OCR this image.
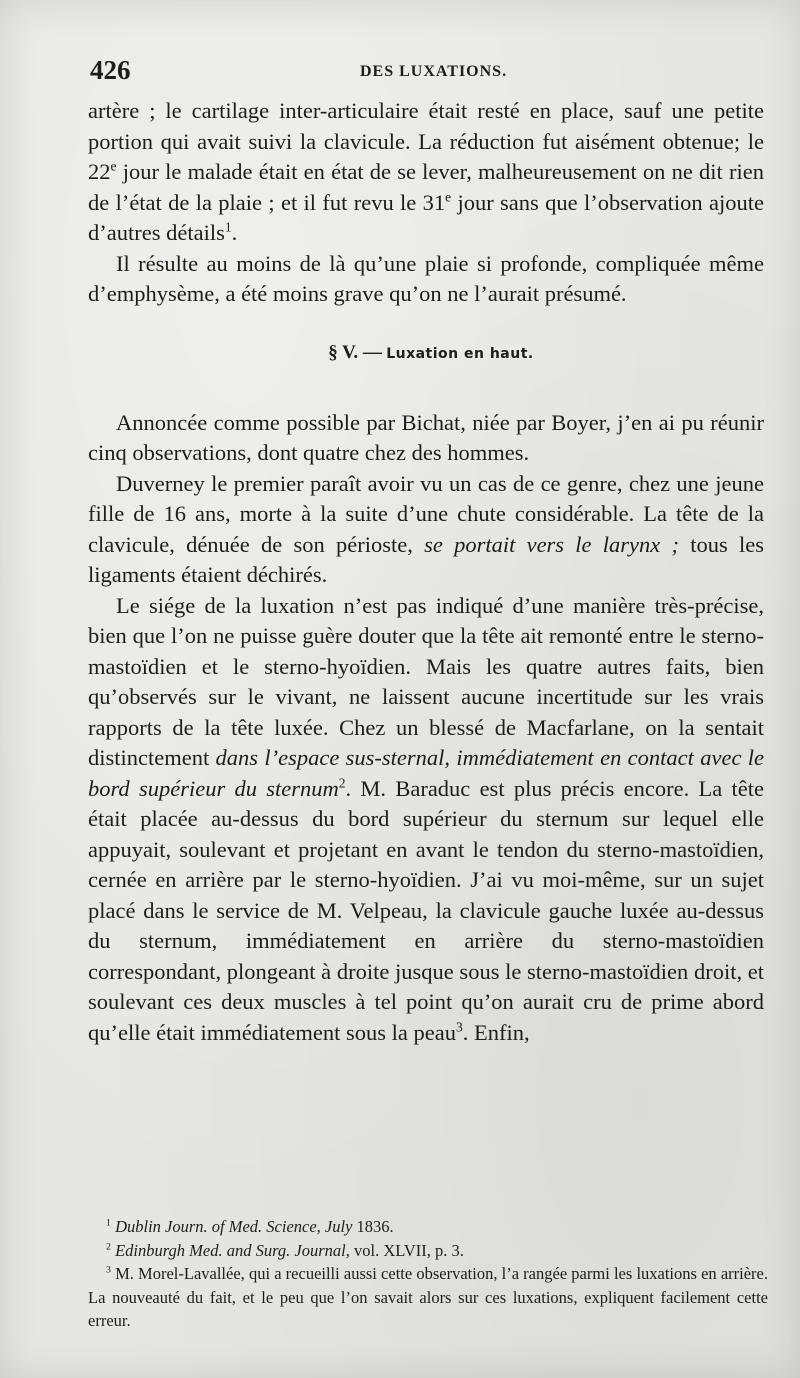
426	DES LUXATIONS.

artère ; le cartilage inter-articulaire était resté en place, sauf une petite portion qui avait suivi la clavicule. La réduction fut aisément obtenue; le 22e jour le malade était en état de se lever, malheureusement on ne dit rien de l’état de la plaie ; et il fut revu le 31e jour sans que l’observation ajoute d’autres détails$^1$.

Il résulte au moins de là qu’une plaie si profonde, compliquée même d’emphysème, a été moins grave qu’on ne l’aurait présumé.

§ V. — Luxation en haut.

Annoncée comme possible par Bichat, niée par Boyer, j’en ai pu réunir cinq observations, dont quatre chez des hommes.

Duverney le premier paraît avoir vu un cas de ce genre, chez une jeune fille de 16 ans, morte à la suite d’une chute considérable. La tête de la clavicule, dénuée de son périoste, se portait vers le larynx ; tous les ligaments étaient déchirés.

Le siége de la luxation n’est pas indiqué d’une manière très-précise, bien que l’on ne puisse guère douter que la tête ait remonté entre le sterno-mastoïdien et le sterno-hyoïdien. Mais les quatre autres faits, bien qu’observés sur le vivant, ne laissent aucune incertitude sur les vrais rapports de la tête luxée. Chez un blessé de Macfarlane, on la sentait distinctement dans l’espace sus-sternal, immédiatement en contact avec le bord supérieur du sternum$^2$. M. Baraduc est plus précis encore. La tête était placée au-dessus du bord supérieur du sternum sur lequel elle appuyait, soulevant et projetant en avant le tendon du sterno-mastoïdien, cernée en arrière par le sterno-hyoïdien. J’ai vu moi-même, sur un sujet placé dans le service de M. Velpeau, la clavicule gauche luxée au-dessus du sternum, immédiatement en arrière du sterno-mastoïdien correspondant, plongeant à droite jusque sous le sterno-mastoïdien droit, et soulevant ces deux muscles à tel point qu’on aurait cru de prime abord qu’elle était immédiatement sous la peau$^3$. Enfin,

$^1$ Dublin Journ. of Med. Science, July 1836.

$^2$ Edinburgh Med. and Surg. Journal, vol. XLVII, p. 3.

$^3$ M. Morel-Lavallée, qui a recueilli aussi cette observation, l’a rangée parmi les luxations en arrière. La nouveauté du fait, et le peu que l’on savait alors sur ces luxations, expliquent facilement cette erreur.
